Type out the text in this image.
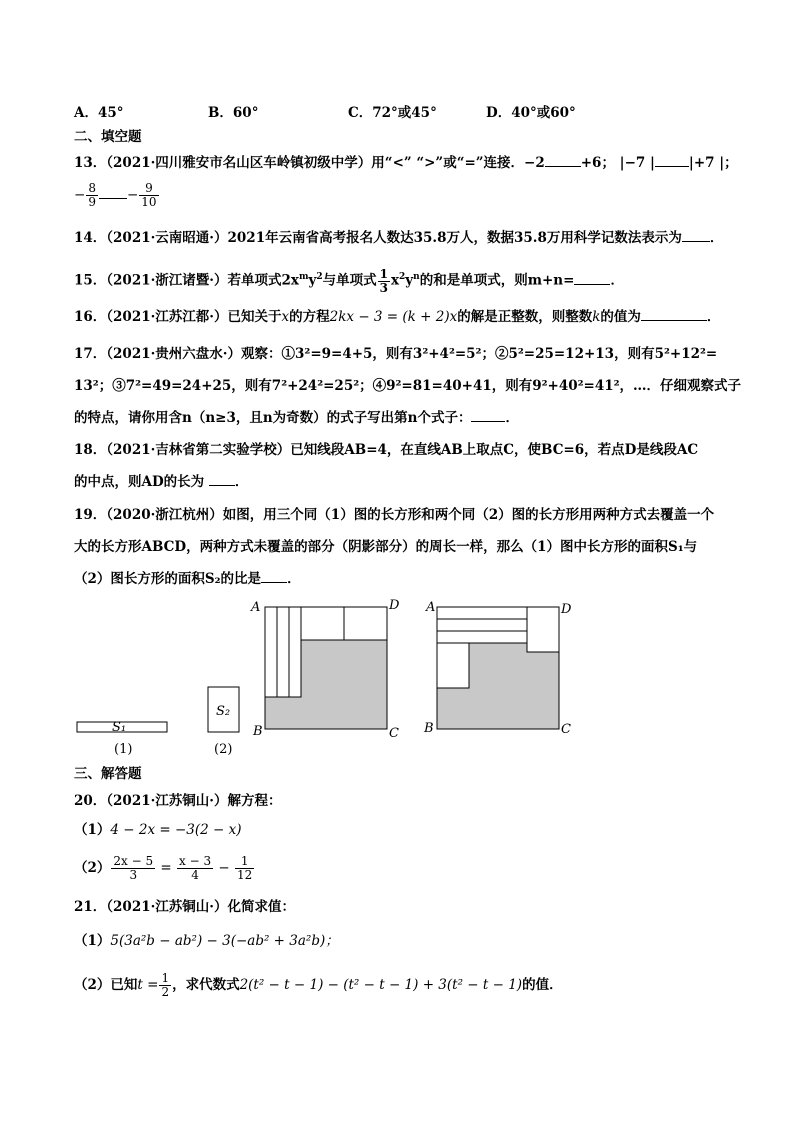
A．45°	B．60°	C．72°或45°	D．40°或60°
二、填空题
13．（2021·四川雅安市名山区车岭镇初级中学）用“<” “>”或“=”连接．−2	+6； |−7 |	|+7 |；
− $\frac{8}{9} - \frac{9}{10}$
14．（2021·云南昭通·）2021年云南省高考报名人数达35.8万人，数据35.8万用科学记数法表示为 ．
15．（2021·浙江诸暨·）若单项式$2x^my^2$与单项式 $\frac{1}{3} x^2y^n$的和是单项式，则m+n=	．
16．（2021·江苏江都·）已知关于x的方程2kx − 3 = (k + 2)x的解是正整数，则整数k的值为	．
17．（2021·贵州六盘水·）观察：①3²=9=4+5，则有3²+4²=5²；②5²=25=12+13，则有5²+12²=
13²；③7²=49=24+25，则有7²+24²=25²；④9²=81=40+41，则有9²+40²=41²，…．仔细观察式子
的特点，请你用含n（n≥3，且n为奇数）的式子写出第n个式子：	．
18．（2021·吉林省第二实验学校）已知线段AB=4，在直线AB上取点C，使BC=6，若点D是线段AC
的中点，则AD的长为 ．
19．（2020·浙江杭州）如图，用三个同（1）图的长方形和两个同（2）图的长方形用两种方式去覆盖一个
大的长方形ABCD，两种方式未覆盖的部分（阴影部分）的周长一样，那么（1）图中长方形的面积S₁与
（2）图长方形的面积S₂的比是 ．
S₁
(1)
S₂
(2)
A	D
B	C
A	D
B	C
三、解答题
20．（2021·江苏铜山·）解方程：
（1）4 − 2x = −3(2 − x)
$(2) \frac{2x - 5}{3} = \frac{x - 3}{4} - \frac{1}{12}$
21．（2021·江苏铜山·）化简求值：
（1）5(3a²b − ab²) − 3(−ab² + 3a²b)；
（2）已知$t = \frac{1}{2}$ ，求代数式2(t² − t − 1) − (t² − t − 1) + 3(t² − t − 1)的值．
